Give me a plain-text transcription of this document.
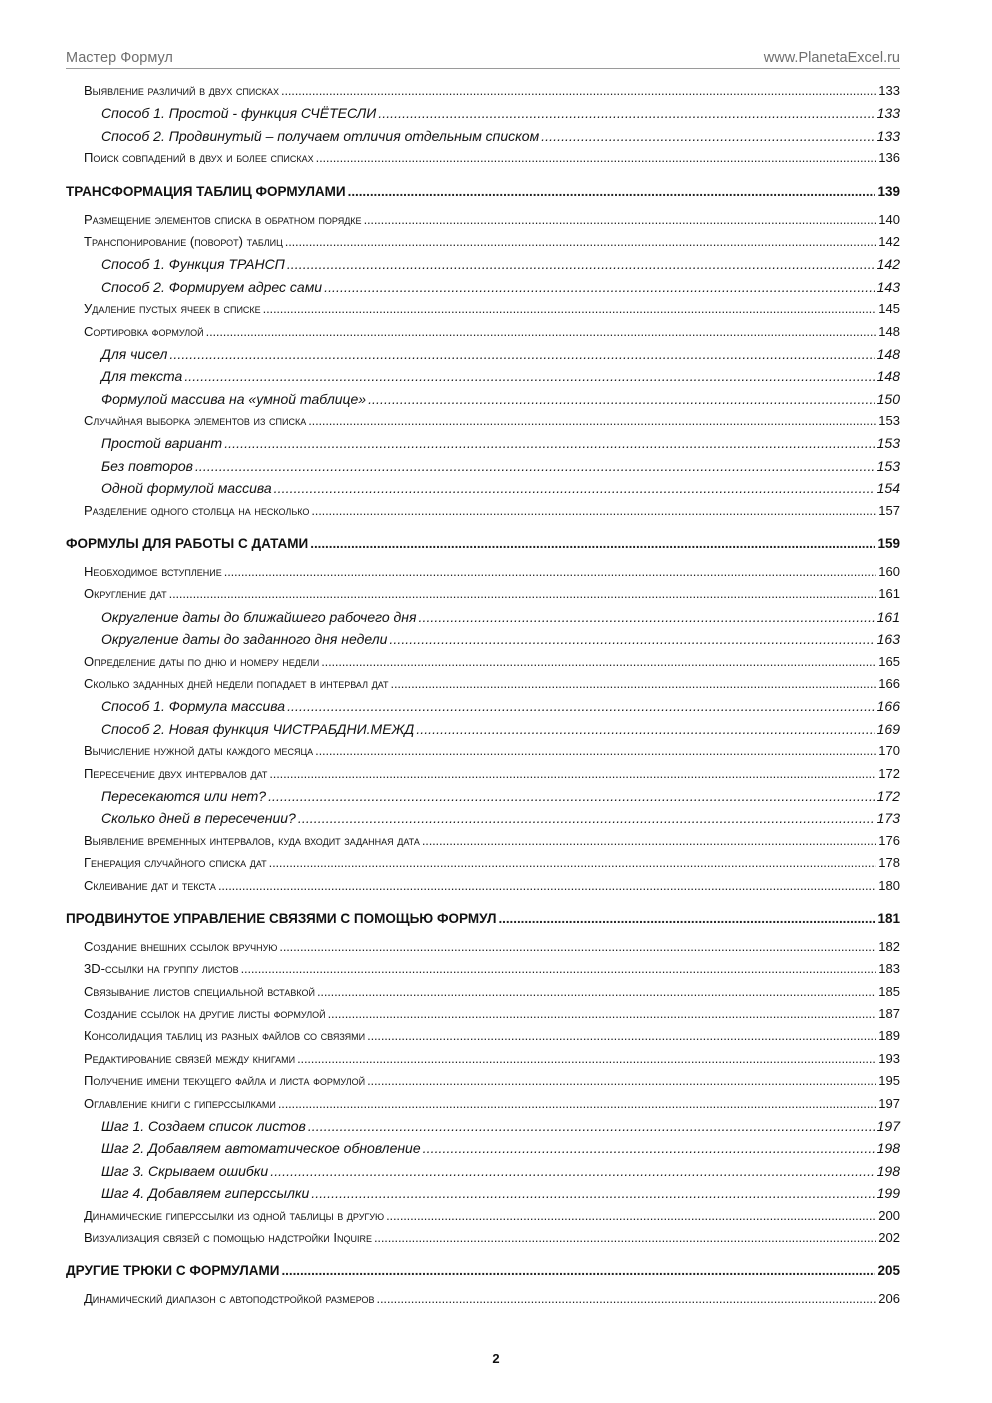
Мастер Формул	www.PlanetaExcel.ru
Выявление различий в двух списках . . .	133
Способ 1. Простой - функция СЧЁТЕСЛИ . . .	133
Способ 2. Продвинутый – получаем отличия отдельным списком . . .	133
Поиск совпадений в двух и более списках . . .	136
ТРАНСФОРМАЦИЯ ТАБЛИЦ ФОРМУЛАМИ . . .	139
Размещение элементов списка в обратном порядке . . .	140
Транспонирование (поворот) таблиц . . .	142
Способ 1. Функция ТРАНСП . . .	142
Способ 2. Формируем адрес сами . . .	143
Удаление пустых ячеек в списке . . .	145
Сортировка формулой . . .	148
Для чисел . . .	148
Для текста . . .	148
Формулой массива на «умной таблице» . . .	150
Случайная выборка элементов из списка . . .	153
Простой вариант . . .	153
Без повторов . . .	153
Одной формулой массива . . .	154
Разделение одного столбца на несколько . . .	157
ФОРМУЛЫ ДЛЯ РАБОТЫ С ДАТАМИ . . .	159
Необходимое вступление . . .	160
Округление дат . . .	161
Округление даты до ближайшего рабочего дня . . .	161
Округление даты до заданного дня недели . . .	163
Определение даты по дню и номеру недели . . .	165
Сколько заданных дней недели попадает в интервал дат . . .	166
Способ 1. Формула массива . . .	166
Способ 2. Новая функция ЧИСТРАБДНИ.МЕЖД . . .	169
Вычисление нужной даты каждого месяца . . .	170
Пересечение двух интервалов дат . . .	172
Пересекаются или нет? . . .	172
Сколько дней в пересечении? . . .	173
Выявление временных интервалов, куда входит заданная дата . . .	176
Генерация случайного списка дат . . .	178
Склеивание дат и текста . . .	180
ПРОДВИНУТОЕ УПРАВЛЕНИЕ СВЯЗЯМИ С ПОМОЩЬЮ ФОРМУЛ . . .	181
Создание внешних ссылок вручную . . .	182
3D-ссылки на группу листов . . .	183
Связывание листов специальной вставкой . . .	185
Создание ссылок на другие листы формулой . . .	187
Консолидация таблиц из разных файлов со связями . . .	189
Редактирование связей между книгами . . .	193
Получение имени текущего файла и листа формулой . . .	195
Оглавление книги с гиперссылками . . .	197
Шаг 1. Создаем список листов . . .	197
Шаг 2. Добавляем автоматическое обновление . . .	198
Шаг 3. Скрываем ошибки . . .	198
Шаг 4. Добавляем гиперссылки . . .	199
Динамические гиперссылки из одной таблицы в другую . . .	200
Визуализация связей с помощью надстройки Inquire . . .	202
ДРУГИЕ ТРЮКИ С ФОРМУЛАМИ . . .	205
Динамический диапазон с автоподстройкой размеров . . .	206
2
